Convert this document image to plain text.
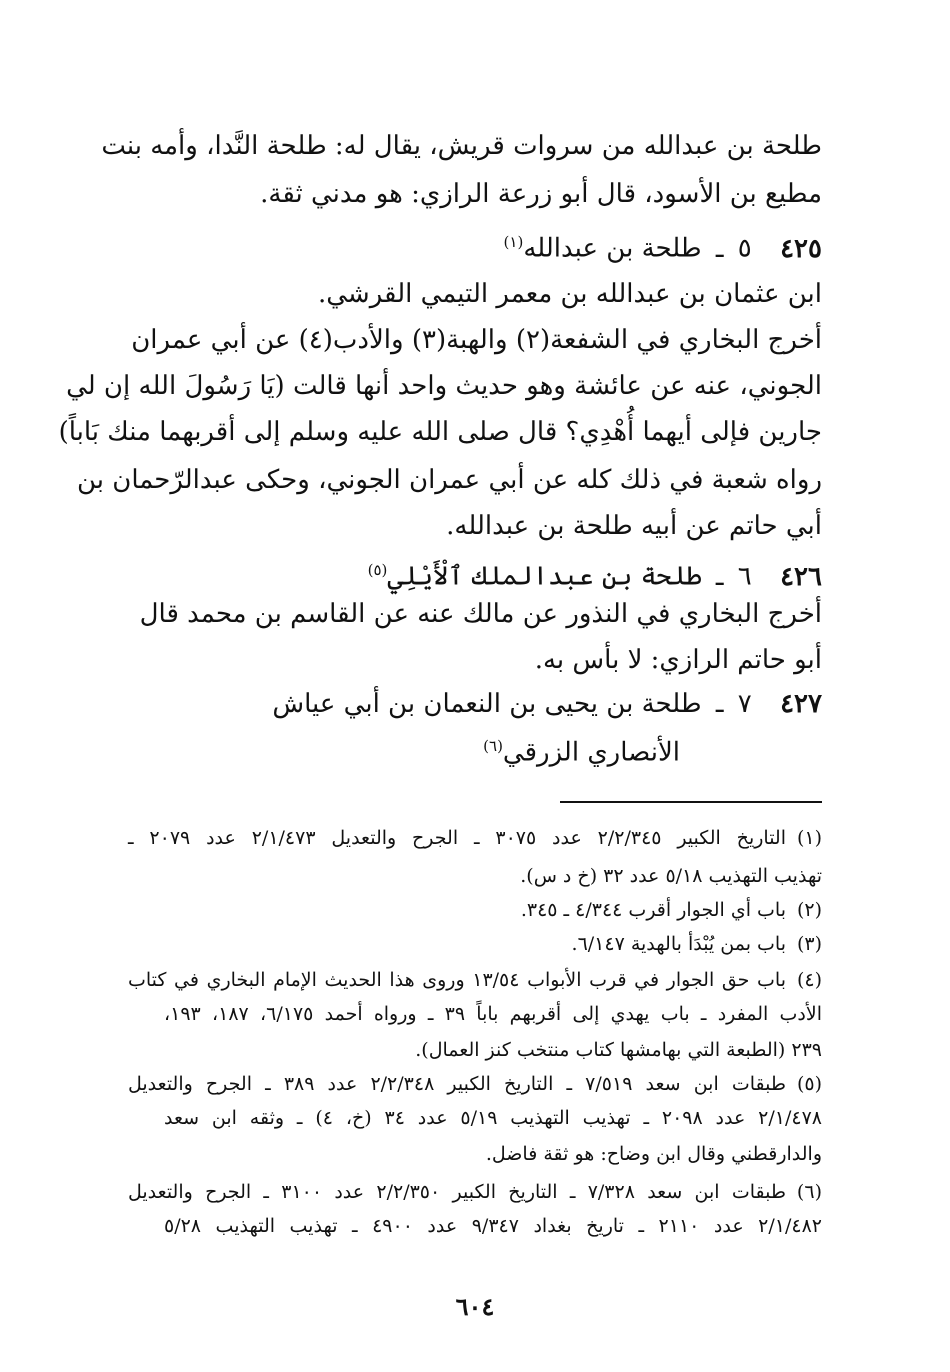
طلحة بن عبدالله من سروات قريش، يقال له: طلحة النَّدا، وأمه بنت
مطيع بن الأسود، قال أبو زرعة الرازي: هو مدني ثقة.
٤٢٥ ٥ ـ طلحة بن عبدالله$^{(١)}$
ابن عثمان بن عبدالله بن معمر التيمي القرشي.
أخرج البخاري في الشفعة(٢) والهبة(٣) والأدب(٤) عن أبي عمران
الجوني، عنه عن عائشة وهو حديث واحد أنها قالت (يَا رَسُولَ الله إن لي
جارين فإلى أيهما أُهْدِي؟ قال صلى الله عليه وسلم إلى أقربهما منك بَاباً)
رواه شعبة في ذلك كله عن أبي عمران الجوني، وحكى عبدالرّحمان بن
أبي حاتم عن أبيه طلحة بن عبدالله.
٤٢٦ ٦ ـ طلحة بن عبدالملك ٱلْأَيْلِي$^{(٥)}$
أخرج البخاري في النذور عن مالك عنه عن القاسم بن محمد قال
أبو حاتم الرازي: لا بأس به.
٤٢٧ ٧ ـ طلحة بن يحيى بن النعمان بن أبي عياش
الأنصاري الزرقي$^{(٦)}$
(١)التاريخ الكبير ٢/٢/٣٤٥ عدد ٣٠٧٥ ـ الجرح والتعديل ٢/١/٤٧٣ عدد ٢٠٧٩ ـ
تهذيب التهذيب ٥/١٨ عدد ٣٢ (خ د س).
(٢)باب أي الجوار أقرب ٤/٣٤٤ ـ ٣٤٥.
(٣)باب بمن يُبْدَأ بالهدية ٦/١٤٧.
(٤)باب حق الجوار في قرب الأبواب ١٣/٥٤ وروى هذا الحديث الإمام البخاري في كتاب
الأدب المفرد ـ باب يهدي إلى أقربهم باباً ٣٩ ـ ورواه أحمد ٦/١٧٥، ١٨٧، ١٩٣،
٢٣٩ (الطبعة التي بهامشها كتاب منتخب كنز العمال).
(٥)طبقات ابن سعد ٧/٥١٩ ـ التاريخ الكبير ٢/٢/٣٤٨ عدد ٣٨٩ ـ الجرح والتعديل
٢/١/٤٧٨ عدد ٢٠٩٨ ـ تهذيب التهذيب ٥/١٩ عدد ٣٤ (خ، ٤) ـ وثقه ابن سعد
والدارقطني وقال ابن وضاح: هو ثقة فاضل.
(٦)طبقات ابن سعد ٧/٣٢٨ ـ التاريخ الكبير ٢/٢/٣٥٠ عدد ٣١٠٠ ـ الجرح والتعديل
٢/١/٤٨٢ عدد ٢١١٠ ـ تاريخ بغداد ٩/٣٤٧ عدد ٤٩٠٠ ـ تهذيب التهذيب ٥/٢٨
٦٠٤
